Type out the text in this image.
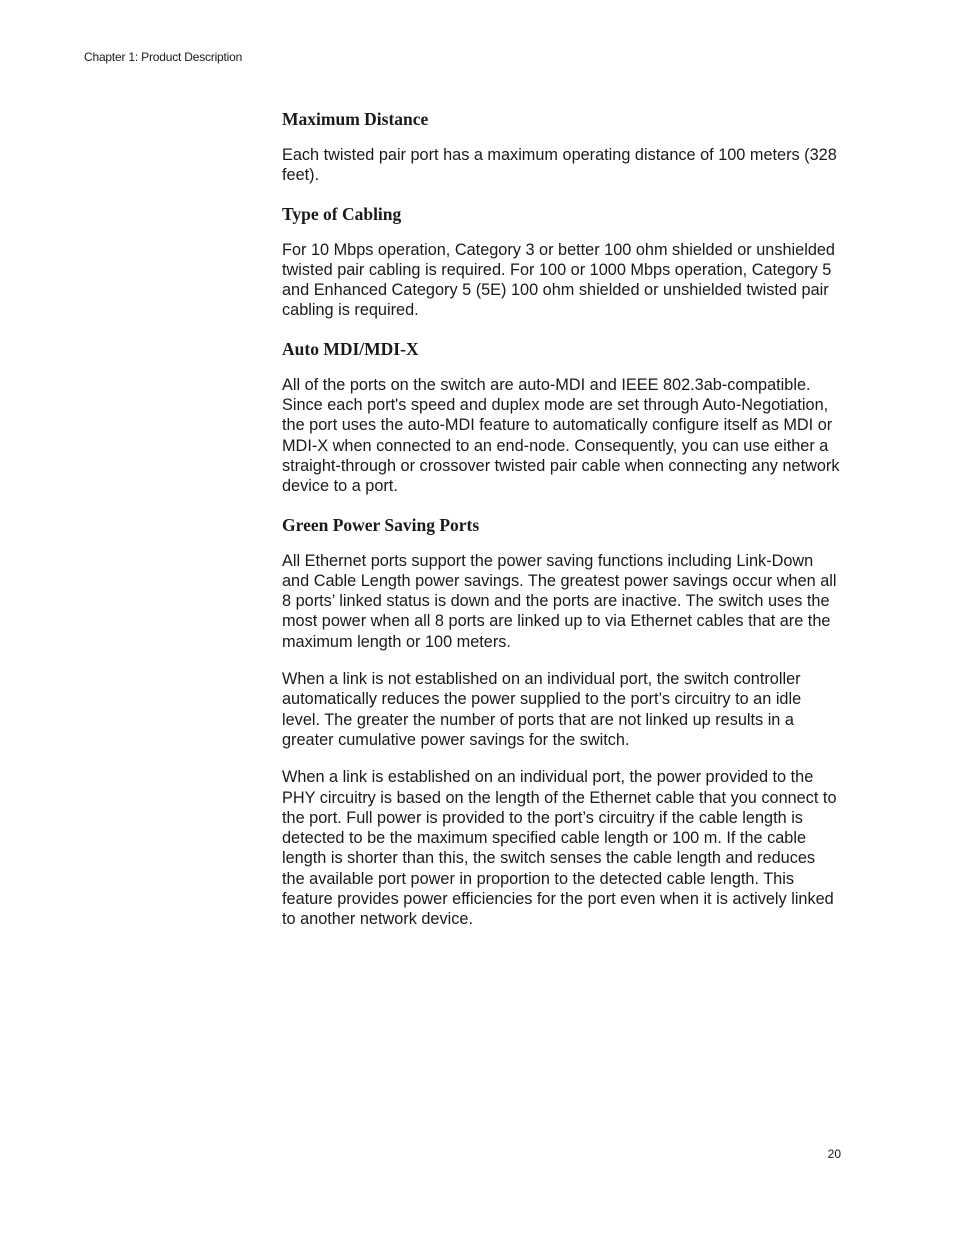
Chapter 1: Product Description
Maximum Distance

Each twisted pair port has a maximum operating distance of 100 meters (328 feet).

Type of Cabling

For 10 Mbps operation, Category 3 or better 100 ohm shielded or unshielded twisted pair cabling is required. For 100 or 1000 Mbps operation, Category 5 and Enhanced Category 5 (5E) 100 ohm shielded or unshielded twisted pair cabling is required.

Auto MDI/MDI-X

All of the ports on the switch are auto-MDI and IEEE 802.3ab-compatible. Since each port's speed and duplex mode are set through Auto-Negotiation, the port uses the auto-MDI feature to automatically configure itself as MDI or MDI-X when connected to an end-node. Consequently, you can use either a straight-through or crossover twisted pair cable when connecting any network device to a port.

Green Power Saving Ports

All Ethernet ports support the power saving functions including Link-Down and Cable Length power savings. The greatest power savings occur when all 8 ports’ linked status is down and the ports are inactive. The switch uses the most power when all 8 ports are linked up to via Ethernet cables that are the maximum length or 100 meters.

When a link is not established on an individual port, the switch controller automatically reduces the power supplied to the port’s circuitry to an idle level. The greater the number of ports that are not linked up results in a greater cumulative power savings for the switch.

When a link is established on an individual port, the power provided to the PHY circuitry is based on the length of the Ethernet cable that you connect to the port. Full power is provided to the port’s circuitry if the cable length is detected to be the maximum specified cable length or 100 m. If the cable length is shorter than this, the switch senses the cable length and reduces the available port power in proportion to the detected cable length. This feature provides power efficiencies for the port even when it is actively linked to another network device.

20
